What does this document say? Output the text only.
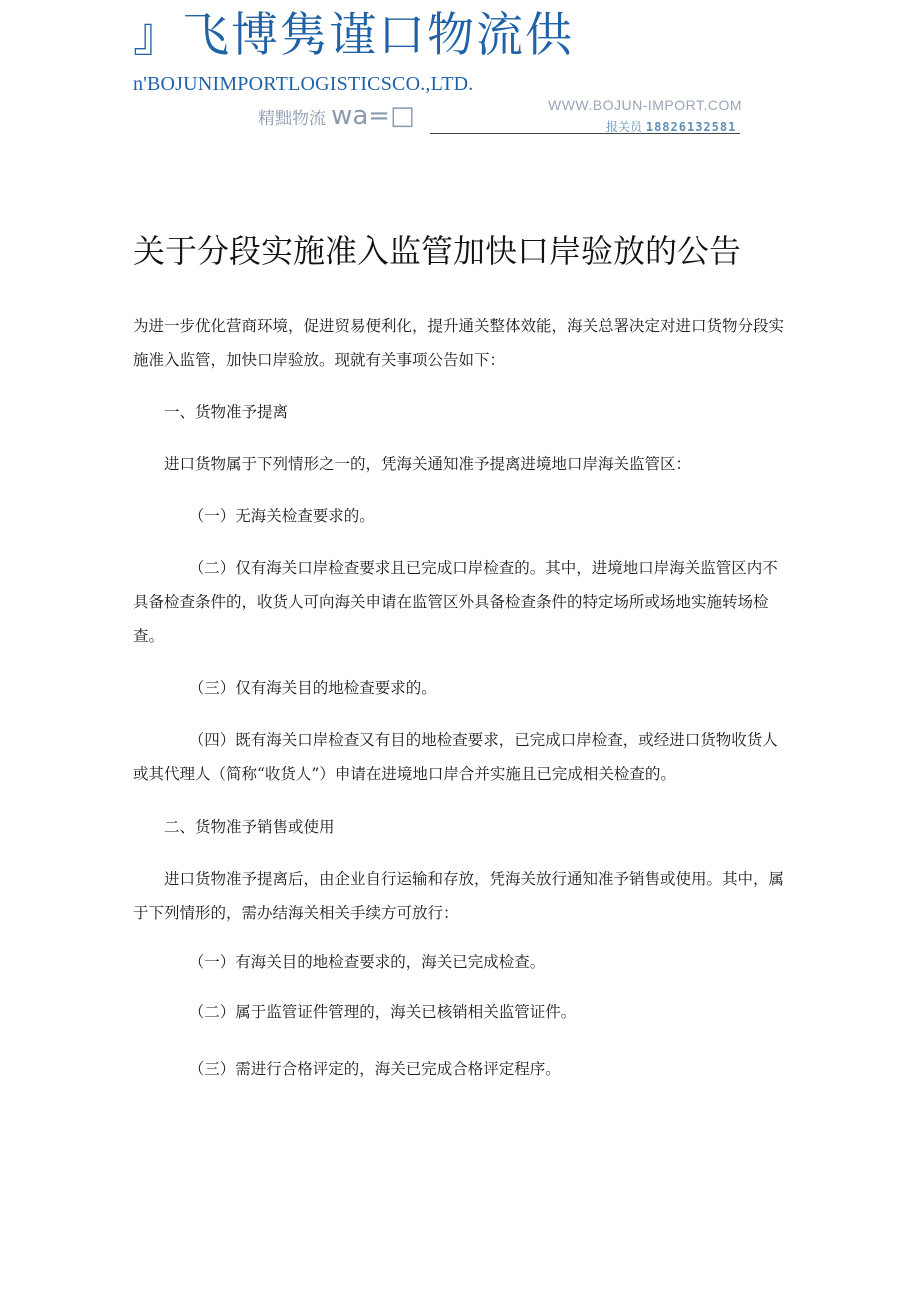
』飞博隽谨口物流供
n'BOJUNIMPORTLOGISTICSCO.,LTD.
精黜物流 wa=□	WWW.BOJUN-IMPORT.COM
报关员 18826132581
关于分段实施准入监管加快口岸验放的公告

为进一步优化营商环境，促进贸易便利化，提升通关整体效能，海关总署决定对进口货物分段实施准入监管，加快口岸验放。现就有关事项公告如下：

一、货物准予提离

进口货物属于下列情形之一的，凭海关通知准予提离进境地口岸海关监管区：

（一）无海关检查要求的。

（二）仅有海关口岸检查要求且已完成口岸检查的。其中，进境地口岸海关监管区内不具备检查条件的，收货人可向海关申请在监管区外具备检查条件的特定场所或场地实施转场检查。

（三）仅有海关目的地检查要求的。

（四）既有海关口岸检查又有目的地检查要求，已完成口岸检查，或经进口货物收货人或其代理人（简称“收货人”）申请在进境地口岸合并实施且已完成相关检查的。

二、货物准予销售或使用

进口货物准予提离后，由企业自行运输和存放，凭海关放行通知准予销售或使用。其中，属于下列情形的，需办结海关相关手续方可放行：

（一）有海关目的地检查要求的，海关已完成检查。

（二）属于监管证件管理的，海关已核销相关监管证件。

（三）需进行合格评定的，海关已完成合格评定程序。
